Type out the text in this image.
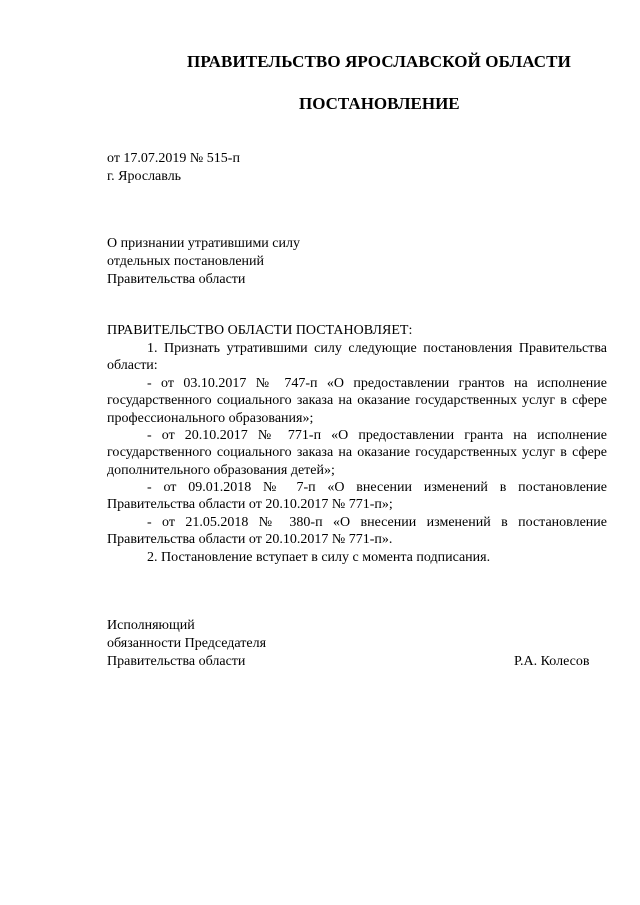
ПРАВИТЕЛЬСТВО ЯРОСЛАВСКОЙ ОБЛАСТИ
ПОСТАНОВЛЕНИЕ
от 17.07.2019 № 515-п
г. Ярославль
О признании утратившими силу
отдельных постановлений
Правительства области
ПРАВИТЕЛЬСТВО ОБЛАСТИ ПОСТАНОВЛЯЕТ:
1. Признать утратившими силу следующие постановления Правительства области:
- от 03.10.2017 № 747-п «О предоставлении грантов на исполнение государственного социального заказа на оказание государственных услуг в сфере профессионального образования»;
- от 20.10.2017 № 771-п «О предоставлении гранта на исполнение государственного социального заказа на оказание государственных услуг в сфере дополнительного образования детей»;
- от 09.01.2018 № 7-п «О внесении изменений в постановление Правительства области от 20.10.2017 № 771-п»;
- от 21.05.2018 № 380-п «О внесении изменений в постановление Правительства области от 20.10.2017 № 771-п».
2. Постановление вступает в силу с момента подписания.
Исполняющий
обязанности Председателя
Правительства области	Р.А. Колесов
